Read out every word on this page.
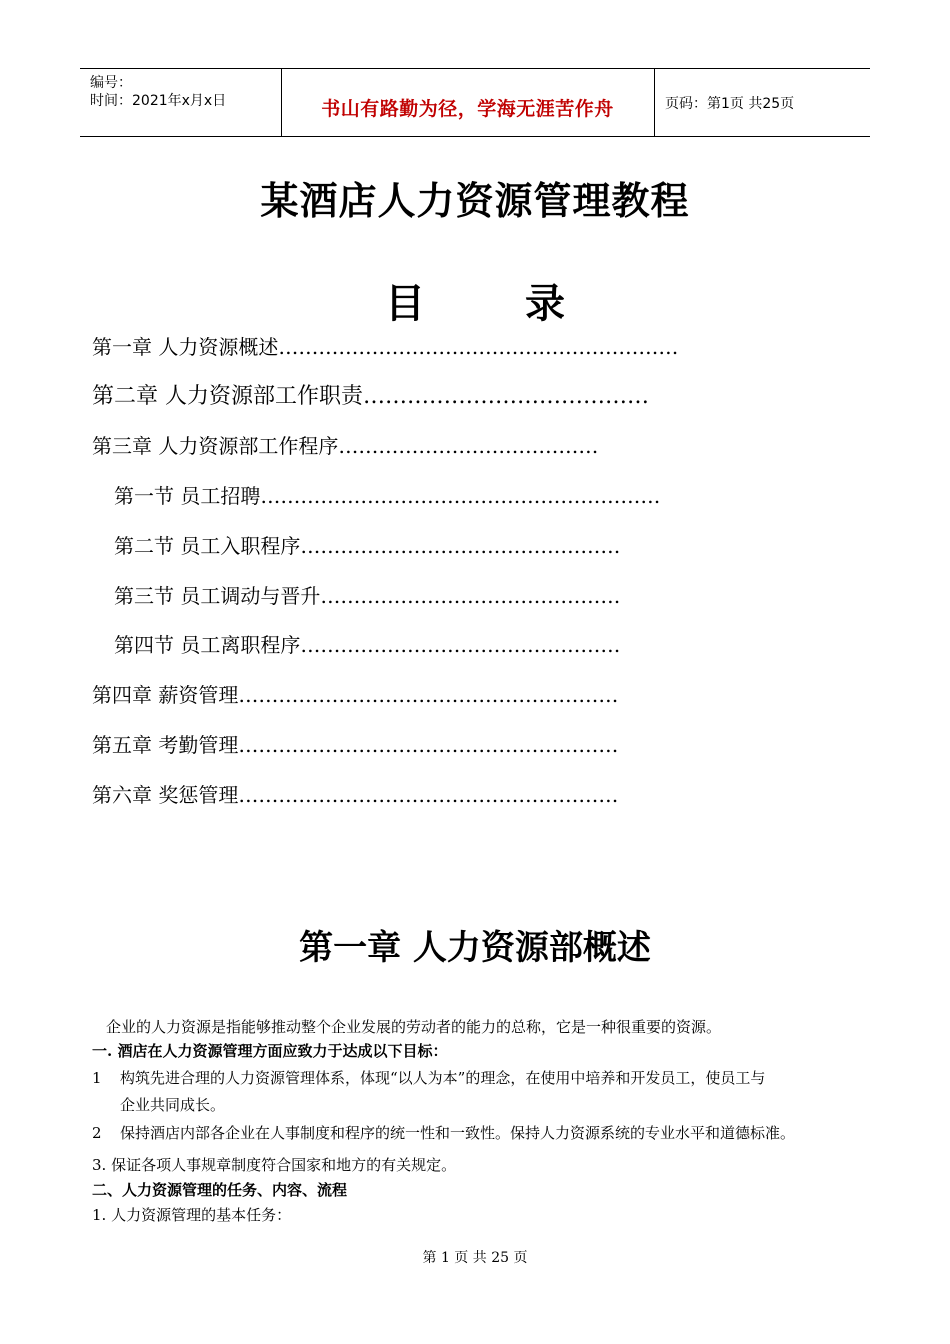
编号：
时间：2021年x月x日	书山有路勤为径，学海无涯苦作舟	页码：第1页 共25页
某酒店人力资源管理教程
目	录
第一章 人力资源概述……………………………………………………
第二章 人力资源部工作职责…………………………………
第三章 人力资源部工作程序…………………………………
第一节 员工招聘……………………………………………………
第二节 员工入职程序…………………………………………
第三节 员工调动与晋升………………………………………
第四节 员工离职程序…………………………………………
第四章 薪资管理…………………………………………………
第五章 考勤管理…………………………………………………
第六章 奖惩管理…………………………………………………
第一章 人力资源部概述
企业的人力资源是指能够推动整个企业发展的劳动者的能力的总称，它是一种很重要的资源。
一. 酒店在人力资源管理方面应致力于达成以下目标：
1 构筑先进合理的人力资源管理体系，体现“以人为本”的理念，在使用中培养和开发员工，使员工与
企业共同成长。
2 保持酒店内部各企业在人事制度和程序的统一性和一致性。保持人力资源系统的专业水平和道德标准。
3. 保证各项人事规章制度符合国家和地方的有关规定。
二、人力资源管理的任务、内容、流程
1. 人力资源管理的基本任务：
第 1 页 共 25 页
